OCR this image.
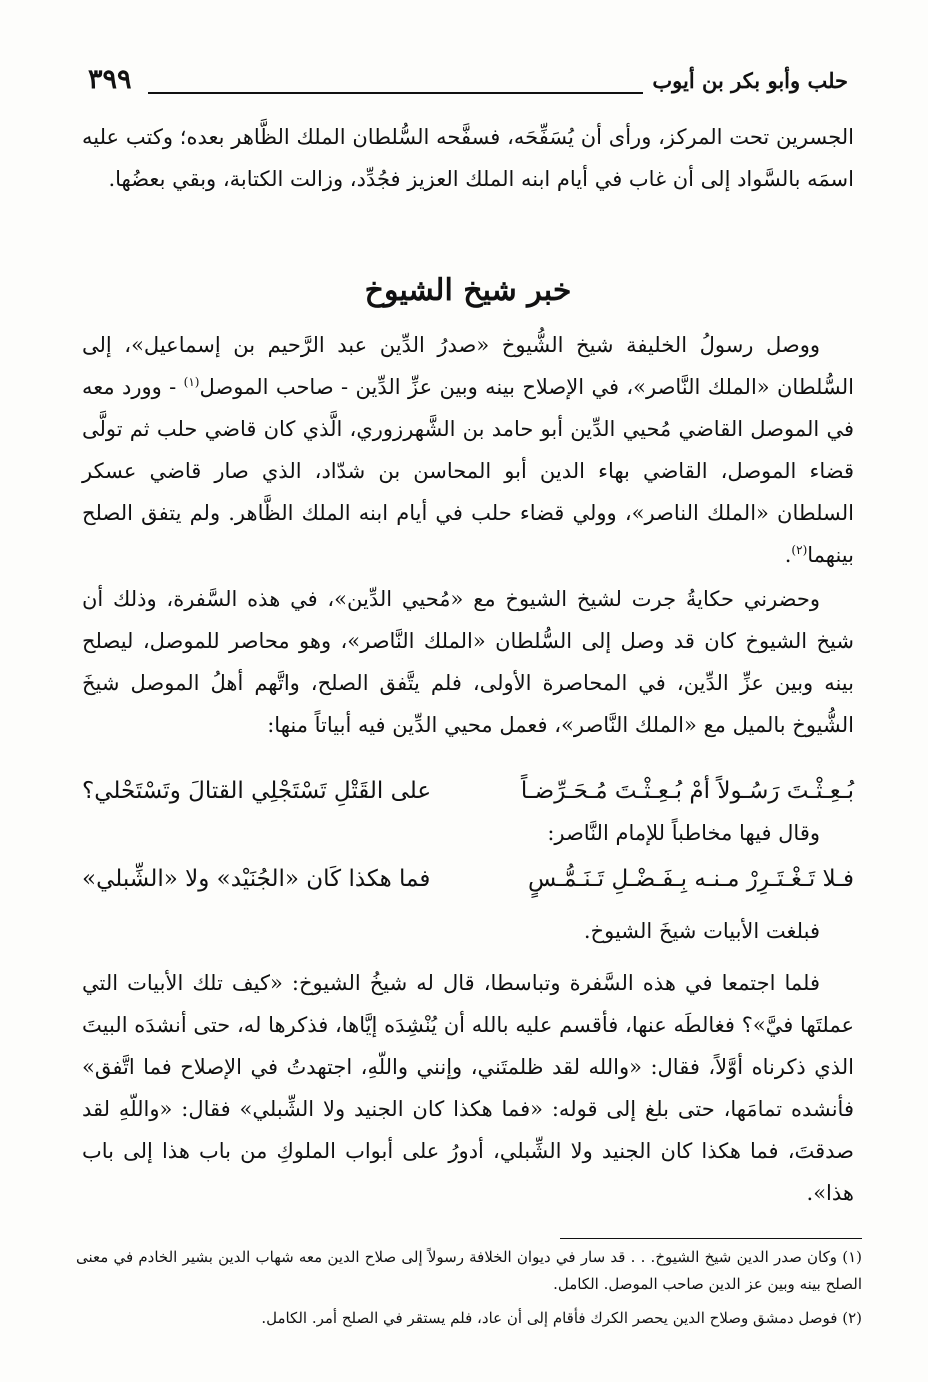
حلب وأبو بكر بن أيوب
٣٩٩

الجسرين تحت المركز، ورأى أن يُسَفِّحَه، فسفَّحه السُّلطان الملك الظَّاهر بعده؛ وكتب عليه اسمَه بالسَّواد إلى أن غاب في أيام ابنه الملك العزيز فجُدِّد، وزالت الكتابة، وبقي بعضُها.

خبر شيخ الشيوخ

ووصل رسولُ الخليفة شيخ الشُّيوخ «صدرُ الدِّين عبد الرَّحيم بن إسماعيل»، إلى السُّلطان «الملك النَّاصر»، في الإصلاح بينه وبين عزِّ الدِّين - صاحب الموصل$^{(١)}$ - وورد معه في الموصل القاضي مُحيي الدِّين أبو حامد بن الشَّهرزوري، الَّذي كان قاضي حلب ثم تولَّى قضاء الموصل، القاضي بهاء الدين أبو المحاسن بن شدّاد، الذي صار قاضي عسكر السلطان «الملك الناصر»، وولي قضاء حلب في أيام ابنه الملك الظَّاهر. ولم يتفق الصلح بينهما$^{(٢)}$.

وحضرني حكايةُ جرت لشيخ الشيوخ مع «مُحيي الدِّين»، في هذه السَّفرة، وذلك أن شيخ الشيوخ كان قد وصل إلى السُّلطان «الملك النَّاصر»، وهو محاصر للموصل، ليصلح بينه وبين عزِّ الدِّين، في المحاصرة الأولى، فلم يتَّفق الصلح، واتَّهم أهلُ الموصل شيخَ الشُّيوخ بالميل مع «الملك النَّاصر»، فعمل محيي الدِّين فيه أبياتاً منها:

بُـعِـثْـتَ رَسُـولاً أمْ بُـعِـثْـتَ مُـحَـرِّضـاً
على القَتْلِ تَسْتَجْلِي القتالَ وتَسْتَحْلي؟

وقال فيها مخاطباً للإمام النَّاصر:

فـلا تَـغْـتَـرِرْ مـنـه بِـفَـضْـلِ تَـنَـمُّـسٍ
فما هكذا كَان «الجُنَيْد» ولا «الشِّبلي»

فبلغت الأبيات شيخَ الشيوخ.

فلما اجتمعا في هذه السَّفرة وتباسطا، قال له شيخُ الشيوخ: «كيف تلك الأبيات التي عملتَها فيَّ»؟ فغالطَه عنها، فأقسم عليه بالله أن يُنْشِدَه إيَّاها، فذكرها له، حتى أنشدَه البيتَ الذي ذكرناه أوَّلاً، فقال: «والله لقد ظلمتَني، وإنني واللّهِ، اجتهدتُ في الإصلاح فما اتَّفق» فأنشده تمامَها، حتى بلغ إلى قوله: «فما هكذا كان الجنيد ولا الشِّبلي» فقال: «واللّهِ لقد صدقتَ، فما هكذا كان الجنيد ولا الشِّبلي، أدورُ على أبواب الملوكِ من باب هذا إلى باب هذا».

(١) وكان صدر الدين شيخ الشيوخ. . . قد سار في ديوان الخلافة رسولاً إلى صلاح الدين معه شهاب الدين بشير الخادم في معنى الصلح بينه وبين عز الدين صاحب الموصل. الكامل.

(٢) فوصل دمشق وصلاح الدين يحصر الكرك فأقام إلى أن عاد، فلم يستقر في الصلح أمر. الكامل.
